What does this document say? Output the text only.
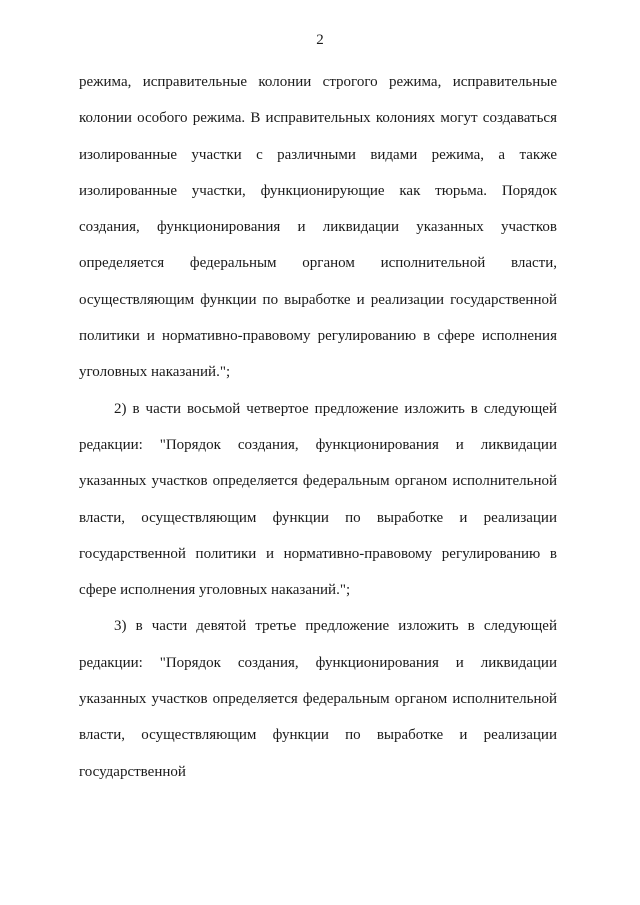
2

режима, исправительные колонии строгого режима, исправительные колонии особого режима. В исправительных колониях могут создаваться изолированные участки с различными видами режима, а также изолированные участки, функционирующие как тюрьма. Порядок создания, функционирования и ликвидации указанных участков определяется федеральным органом исполнительной власти, осуществляющим функции по выработке и реализации государственной политики и нормативно-правовому регулированию в сфере исполнения уголовных наказаний.";

2) в части восьмой четвертое предложение изложить в следующей редакции: "Порядок создания, функционирования и ликвидации указанных участков определяется федеральным органом исполнительной власти, осуществляющим функции по выработке и реализации государственной политики и нормативно-правовому регулированию в сфере исполнения уголовных наказаний.";

3) в части девятой третье предложение изложить в следующей редакции: "Порядок создания, функционирования и ликвидации указанных участков определяется федеральным органом исполнительной власти, осуществляющим функции по выработке и реализации государственной
